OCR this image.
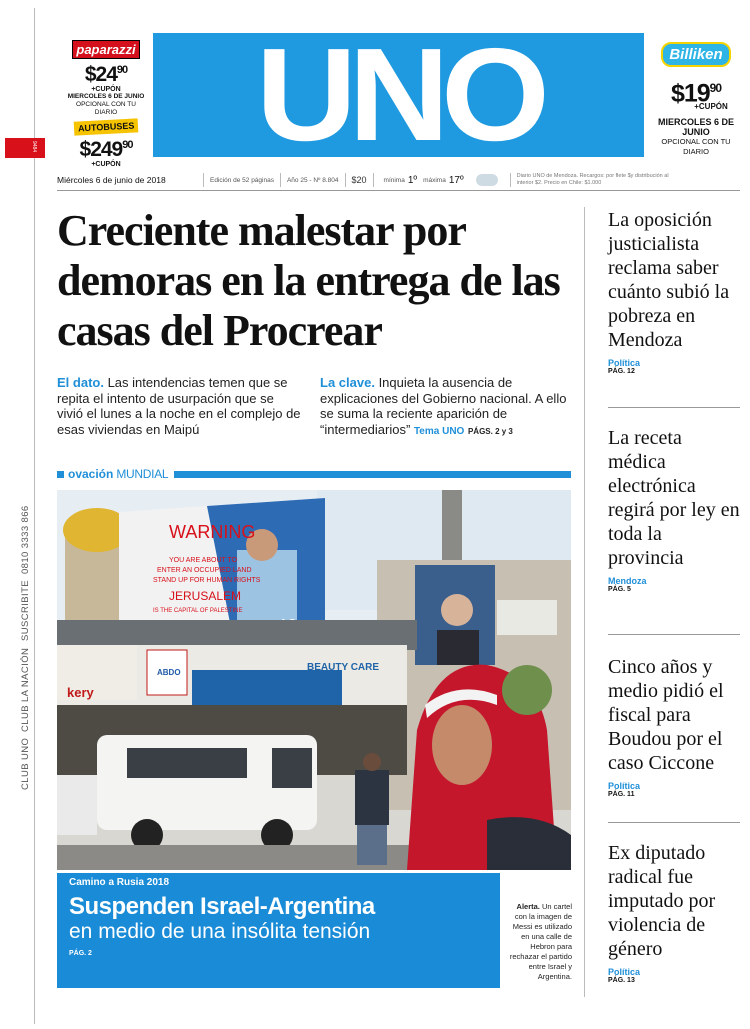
paparazzi
$\$24^{90}$
+CUPÓN
MIERCOLES 6 DE JUNIO
OPCIONAL CON TU DIARIO
AUTOBUSES
$\$249^{90}$
+CUPÓN UNO	Billiken
$\$19^{90}$
+CUPÓN
MIERCOLES 6 DE JUNIO
OPCIONAL CON TU DIARIO
9484
Miércoles 6 de junio de 2018	Edición de 52 páginas Año 25 - Nº 8.804 $20	mínima 1º máxima 17º	Diario UNO de Mendoza. Recargos: por flete $y distribución al interior $2. Precio en Chile: $1.000
Creciente malestar por demoras en la entrega de las casas del Procrear
El dato. Las intendencias temen que se repita el intento de usurpación que se vivió el lunes a la noche en el complejo de esas viviendas en Maipú
La clave. Inquieta la ausencia de explicaciones del Gobierno nacional. A ello se suma la reciente aparición de “intermediarios” Tema UNO PÁGS. 2 y 3
ovación MUNDIAL
WARNING
YOU ARE ABOUT TO
ENTER AN OCCUPIED LAND
STAND UP FOR HUMAN RIGHTS
JERUSALEM
IS THE CAPITAL OF PALESTINE
kery
ABDO	BEAUTY CARE
Camino a Rusia 2018
Suspenden Israel-Argentina
en medio de una insólita tensión
PÁG. 2
Alerta. Un cartel con la imagen de Messi es utilizado en una calle de Hebron para rechazar el partido entre Israel y Argentina.
La oposición justicialista reclama saber cuánto subió la pobreza en Mendoza
Política
PÁG. 12
La receta médica electrónica regirá por ley en toda la provincia
Mendoza
PÁG. 5
Cinco años y medio pidió el fiscal para Boudou por el caso Ciccone
Política
PÁG. 11
Ex diputado radical fue imputado por violencia de género
Política
PÁG. 13
CLUB UNO
CLUB LA NACIÓN
SUSCRIBITE
0810 3333 866
